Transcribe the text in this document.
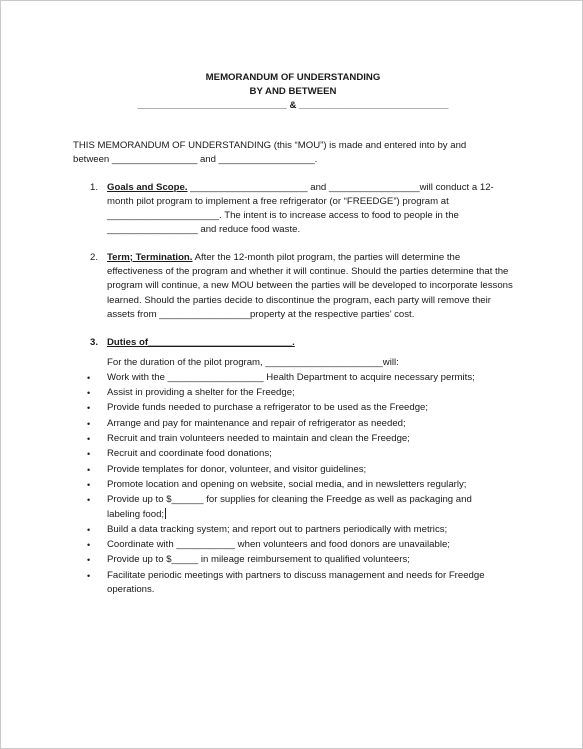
MEMORANDUM OF UNDERSTANDING
BY AND BETWEEN
____________________________ & ____________________________
THIS MEMORANDUM OF UNDERSTANDING (this “MOU”) is made and entered into by and
between ________________ and __________________.
1. Goals and Scope. ______________________ and _________________will conduct a 12-month pilot program to implement a free refrigerator (or “FREEDGE”) program at _____________________. The intent is to increase access to food to people in the _________________ and reduce food waste.
2. Term; Termination. After the 12-month pilot program, the parties will determine the effectiveness of the program and whether it will continue. Should the parties determine that the program will continue, a new MOU between the parties will be developed to incorporate lessons learned. Should the parties decide to discontinue the program, each party will remove their assets from _________________property at the respective parties’ cost.
3. Duties of___________________________.
For the duration of the pilot program, ______________________will:
• Work with the __________________ Health Department to acquire necessary permits;
• Assist in providing a shelter for the Freedge;
• Provide funds needed to purchase a refrigerator to be used as the Freedge;
• Arrange and pay for maintenance and repair of refrigerator as needed;
• Recruit and train volunteers needed to maintain and clean the Freedge;
• Recruit and coordinate food donations;
• Provide templates for donor, volunteer, and visitor guidelines;
• Promote location and opening on website, social media, and in newsletters regularly;
• Provide up to $______ for supplies for cleaning the Freedge as well as packaging and labeling food;
• Build a data tracking system; and report out to partners periodically with metrics;
• Coordinate with ___________ when volunteers and food donors are unavailable;
• Provide up to $_____ in mileage reimbursement to qualified volunteers;
• Facilitate periodic meetings with partners to discuss management and needs for Freedge operations.
